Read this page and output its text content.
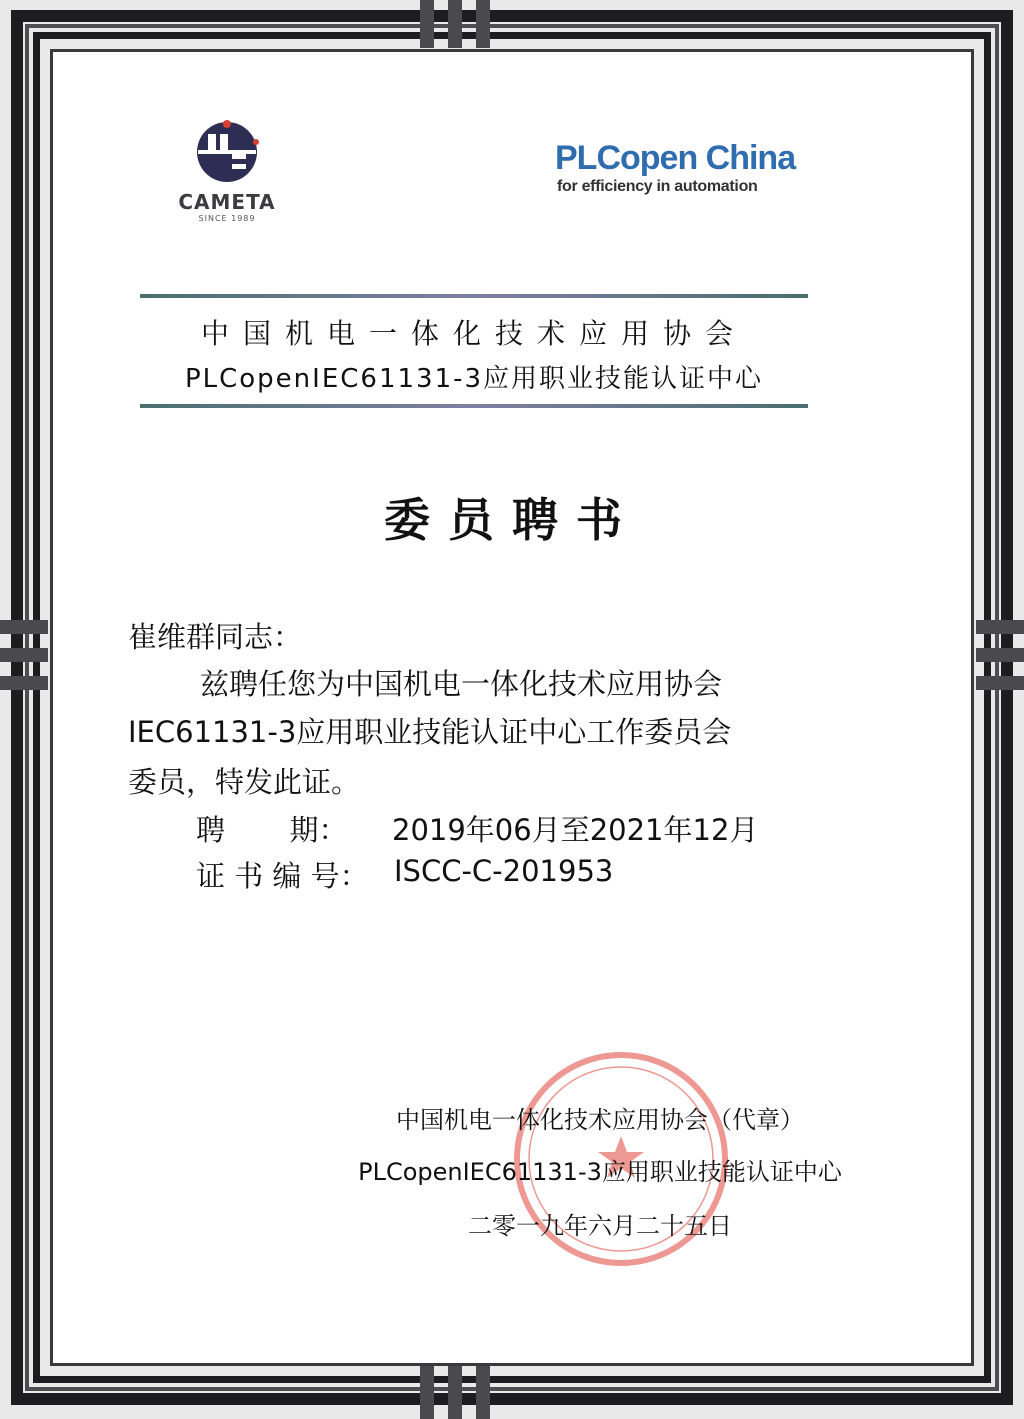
CAMETA
SINCE 1989
PLCopen China
for efficiency in automation
中国机电一体化技术应用协会
PLCopenIEC61131-3应用职业技能认证中心
委员聘书
崔维群同志：
兹聘任您为中国机电一体化技术应用协会
IEC61131-3应用职业技能认证中心工作委员会
委员，特发此证。
聘       期： 2019年06月至2021年12月
证 书 编 号： ISCC-C-201953
中国机电一体化技术应用协会（代章）
PLCopenIEC61131-3应用职业技能认证中心
二零一九年六月二十五日
